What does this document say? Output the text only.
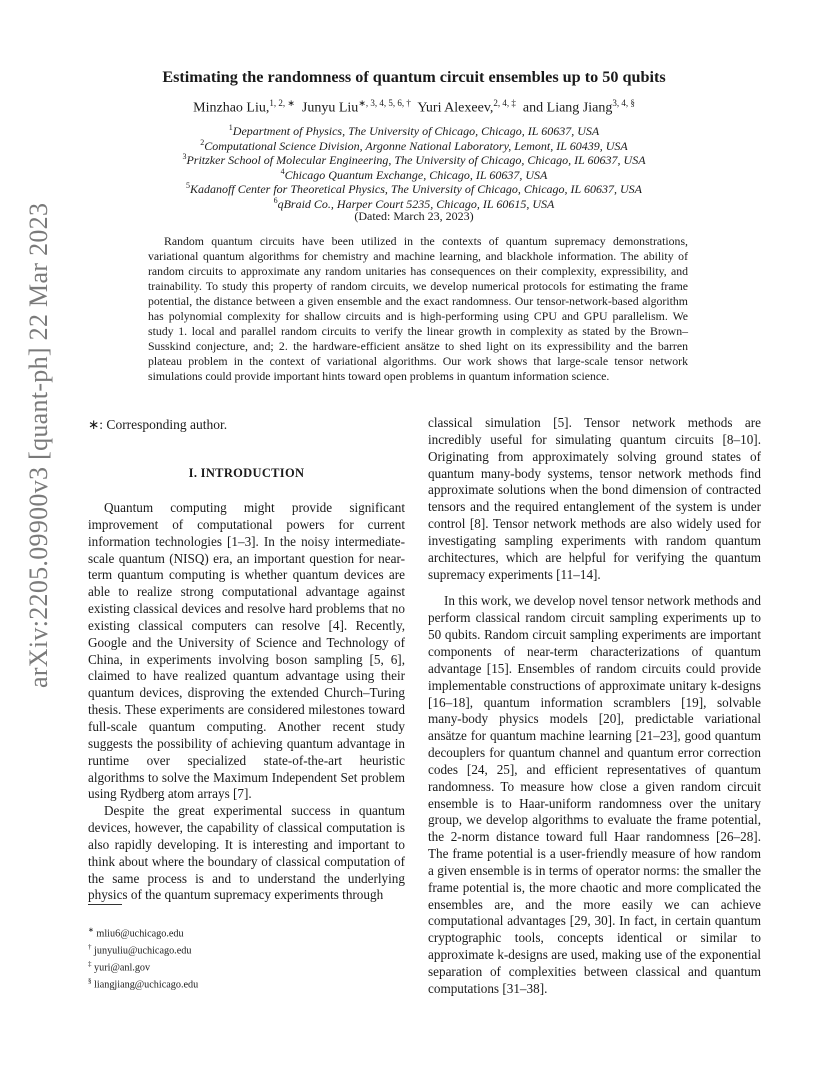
arXiv:2205.09900v3 [quant-ph] 22 Mar 2023
Estimating the randomness of quantum circuit ensembles up to 50 qubits
Minzhao Liu,$^{1, 2, ∗}$ Junyu Liu$^{∗, 3, 4, 5, 6, \dagger}$ Yuri Alexeev,$^{2, 4, \ddagger}$ and Liang Jiang$^{3, 4, \S}$
$^1$Department of Physics, The University of Chicago, Chicago, IL 60637, USA
$^2$Computational Science Division, Argonne National Laboratory, Lemont, IL 60439, USA
$^3$Pritzker School of Molecular Engineering, The University of Chicago, Chicago, IL 60637, USA
$^4$Chicago Quantum Exchange, Chicago, IL 60637, USA
$^5$Kadanoff Center for Theoretical Physics, The University of Chicago, Chicago, IL 60637, USA
$^6$qBraid Co., Harper Court 5235, Chicago, IL 60615, USA
(Dated: March 23, 2023)
Random quantum circuits have been utilized in the contexts of quantum supremacy demonstrations, variational quantum algorithms for chemistry and machine learning, and blackhole information. The ability of random circuits to approximate any random unitaries has consequences on their complexity, expressibility, and trainability. To study this property of random circuits, we develop numerical protocols for estimating the frame potential, the distance between a given ensemble and the exact randomness. Our tensor-network-based algorithm has polynomial complexity for shallow circuits and is high-performing using CPU and GPU parallelism. We study 1. local and parallel random circuits to verify the linear growth in complexity as stated by the Brown–Susskind conjecture, and; 2. the hardware-efficient ansätze to shed light on its expressibility and the barren plateau problem in the context of variational algorithms. Our work shows that large-scale tensor network simulations could provide important hints toward open problems in quantum information science.
∗: Corresponding author.
I. INTRODUCTION

Quantum computing might provide significant improvement of computational powers for current information technologies [1–3]. In the noisy intermediate-scale quantum (NISQ) era, an important question for near-term quantum computing is whether quantum devices are able to realize strong computational advantage against existing classical devices and resolve hard problems that no existing classical computers can resolve [4]. Recently, Google and the University of Science and Technology of China, in experiments involving boson sampling [5, 6], claimed to have realized quantum advantage using their quantum devices, disproving the extended Church–Turing thesis. These experiments are considered milestones toward full-scale quantum computing. Another recent study suggests the possibility of achieving quantum advantage in runtime over specialized state-of-the-art heuristic algorithms to solve the Maximum Independent Set problem using Rydberg atom arrays [7].

Despite the great experimental success in quantum devices, however, the capability of classical computation is also rapidly developing. It is interesting and important to think about where the boundary of classical computation of the same process is and to understand the underlying physics of the quantum supremacy experiments through

classical simulation [5]. Tensor network methods are incredibly useful for simulating quantum circuits [8–10]. Originating from approximately solving ground states of quantum many-body systems, tensor network methods find approximate solutions when the bond dimension of contracted tensors and the required entanglement of the system is under control [8]. Tensor network methods are also widely used for investigating sampling experiments with random quantum architectures, which are helpful for verifying the quantum supremacy experiments [11–14].

In this work, we develop novel tensor network methods and perform classical random circuit sampling experiments up to 50 qubits. Random circuit sampling experiments are important components of near-term characterizations of quantum advantage [15]. Ensembles of random circuits could provide implementable constructions of approximate unitary k-designs [16–18], quantum information scramblers [19], solvable many-body physics models [20], predictable variational ansätze for quantum machine learning [21–23], good quantum decouplers for quantum channel and quantum error correction codes [24, 25], and efficient representatives of quantum randomness. To measure how close a given random circuit ensemble is to Haar-uniform randomness over the unitary group, we develop algorithms to evaluate the frame potential, the 2-norm distance toward full Haar randomness [26–28]. The frame potential is a user-friendly measure of how random a given ensemble is in terms of operator norms: the smaller the frame potential is, the more chaotic and more complicated the ensembles are, and the more easily we can achieve computational advantages [29, 30]. In fact, in certain quantum cryptographic tools, concepts identical or similar to approximate k-designs are used, making use of the exponential separation of complexities between classical and quantum computations [31–38].

∗ mliu6@uchicago.edu
† junyuliu@uchicago.edu
‡ yuri@anl.gov
§ liangjiang@uchicago.edu
